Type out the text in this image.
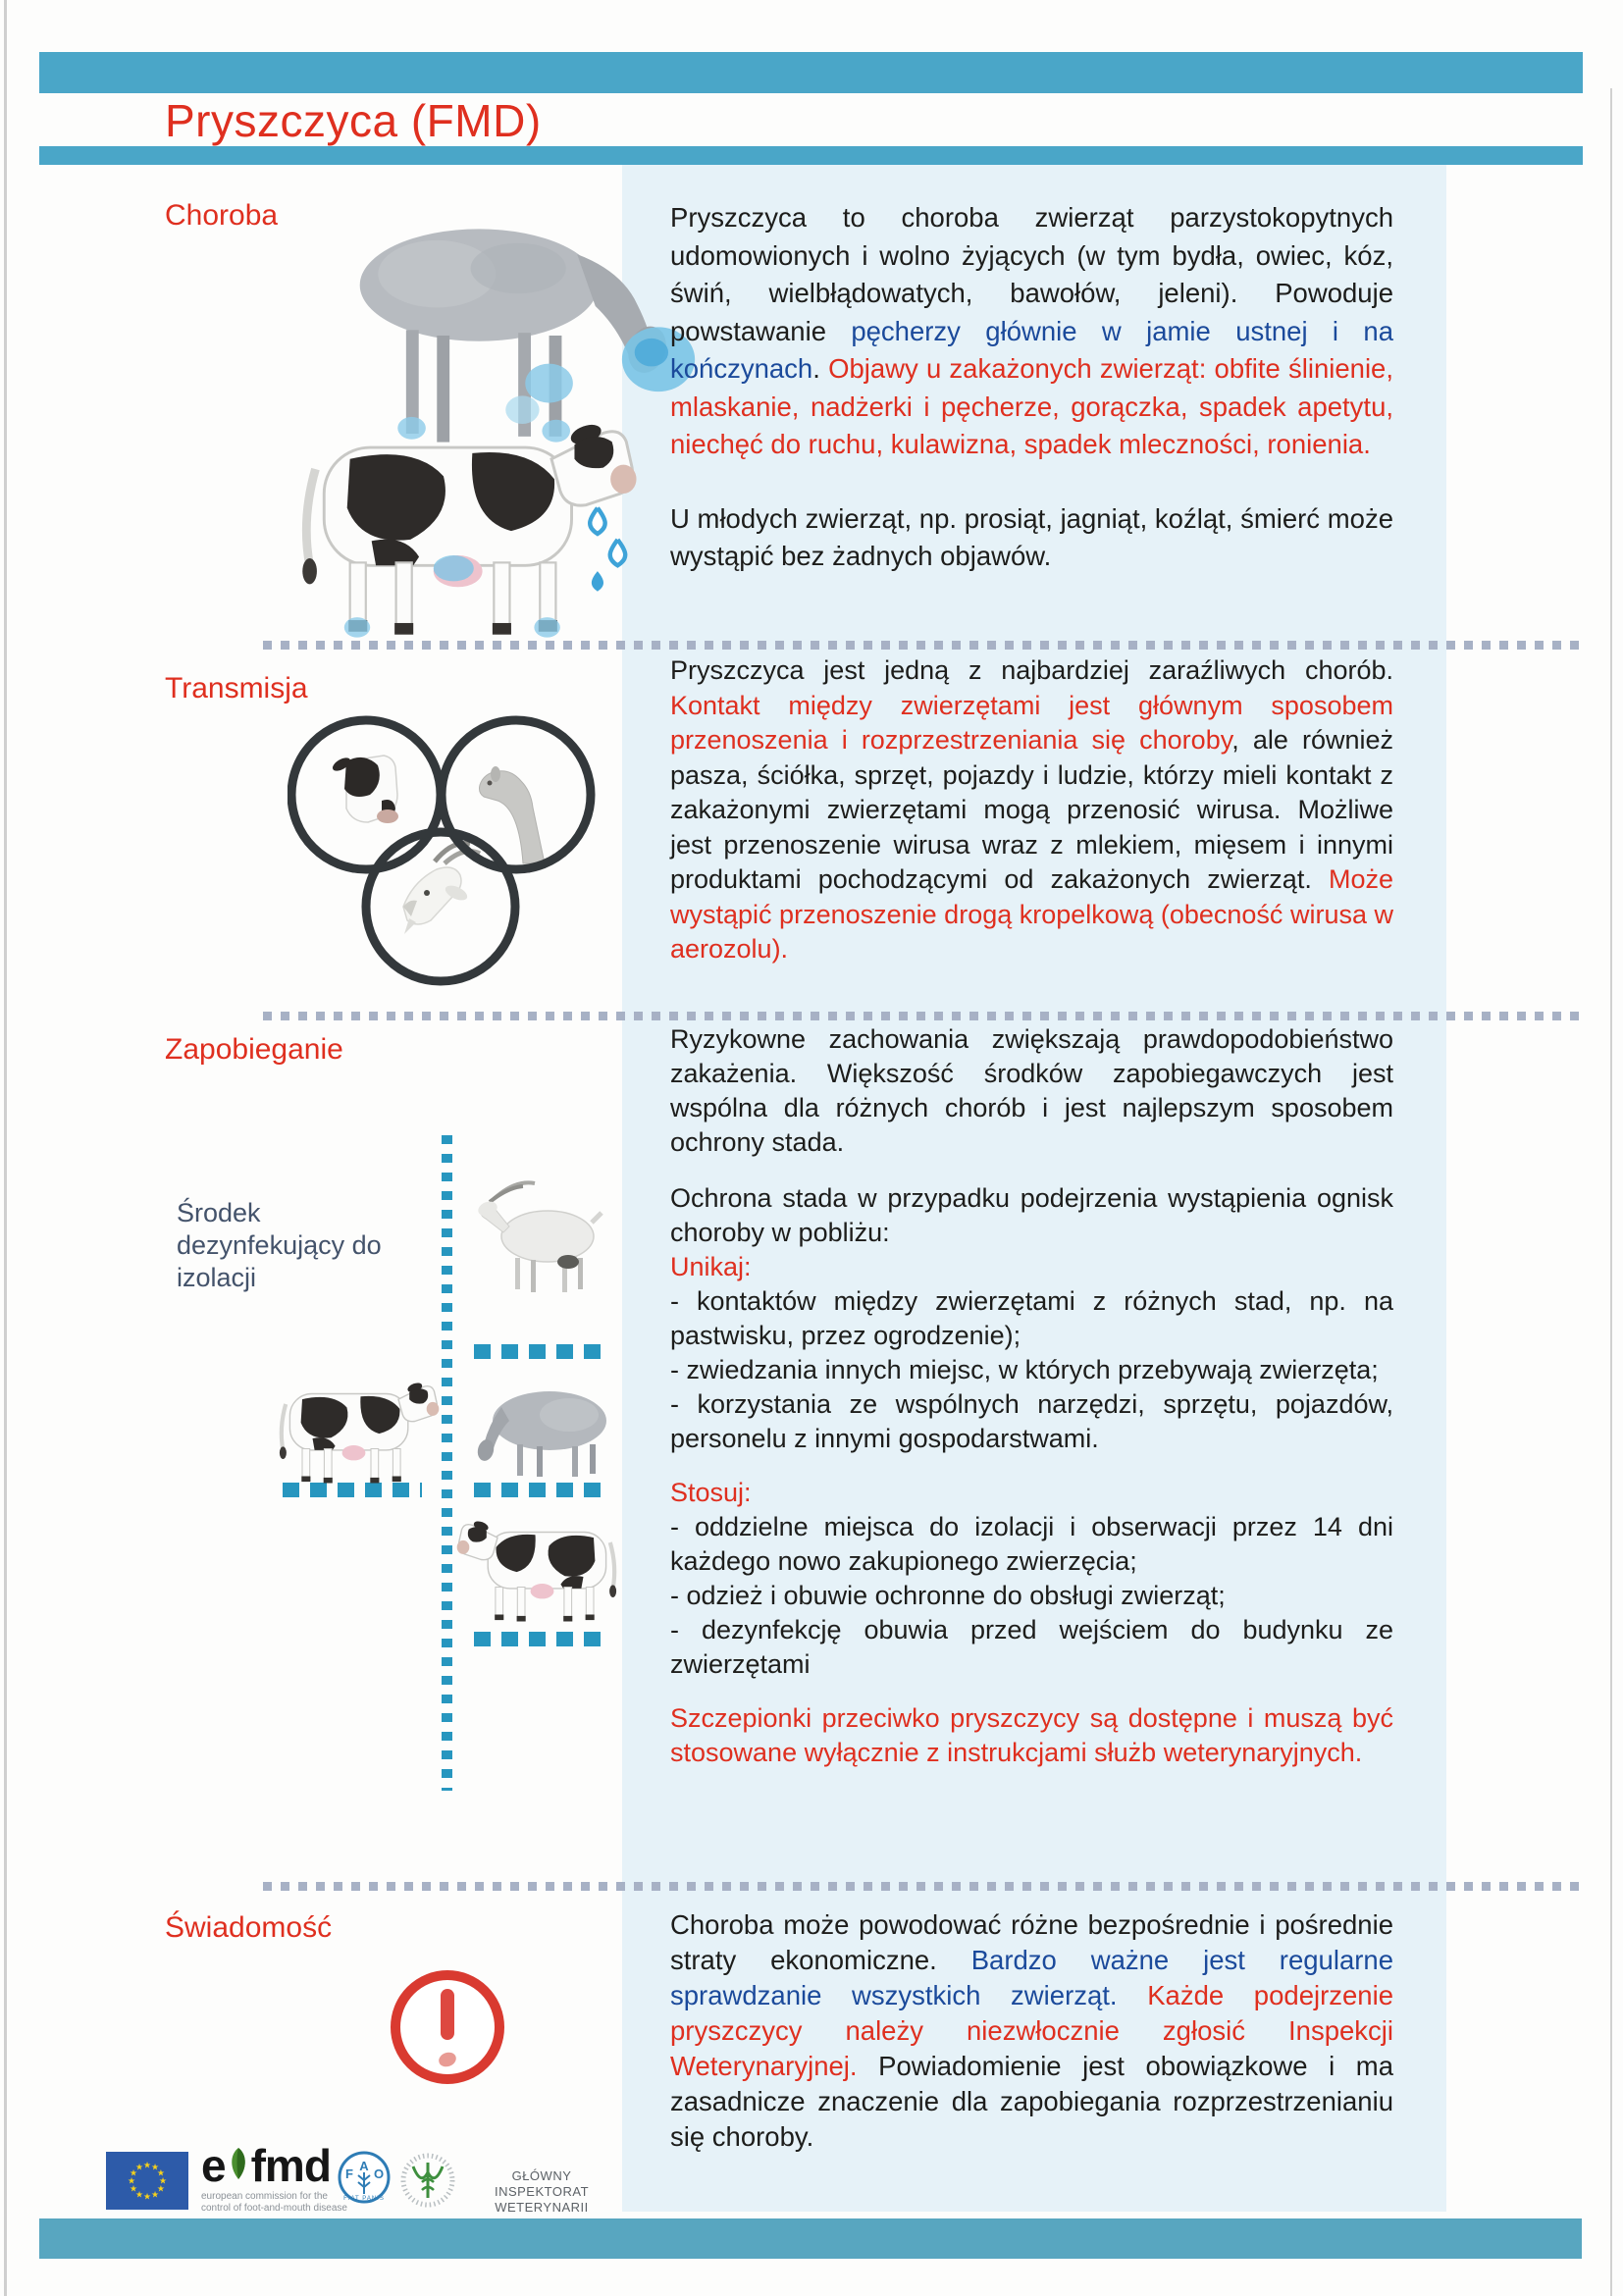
Pryszczyca (FMD)
Choroba
Transmisja
Zapobieganie
Świadomość
Środek dezynfekujący do izolacji

Pryszczyca to choroba zwierząt parzystokopytnych udomowionych i wolno żyjących (w tym bydła, owiec, kóz, świń, wielbłądowatych, bawołów, jeleni). Powoduje powstawanie pęcherzy głównie w jamie ustnej i na kończynach. Objawy u zakażonych zwierząt: obfite ślinienie, mlaskanie, nadżerki i pęcherze, gorączka, spadek apetytu, niechęć do ruchu, kulawizna, spadek mleczności, ronienia.

U młodych zwierząt, np. prosiąt, jagniąt, koźląt, śmierć może wystąpić bez żadnych objawów.

Pryszczyca jest jedną z najbardziej zaraźliwych chorób. Kontakt między zwierzętami jest głównym sposobem przenoszenia i rozprzestrzeniania się choroby, ale również pasza, ściółka, sprzęt, pojazdy i ludzie, którzy mieli kontakt z zakażonymi zwierzętami mogą przenosić wirusa. Możliwe jest przenoszenie wirusa wraz z mlekiem, mięsem i innymi produktami pochodzącymi od zakażonych zwierząt. Może wystąpić przenoszenie drogą kropelkową (obecność wirusa w aerozolu).

Ryzykowne zachowania zwiększają prawdopodobieństwo zakażenia. Większość środków zapobiegawczych jest wspólna dla różnych chorób i jest najlepszym sposobem ochrony stada.

Ochrona stada w przypadku podejrzenia wystąpienia ognisk choroby w pobliżu:

Unikaj:

- kontaktów między zwierzętami z różnych stad, np. na pastwisku, przez ogrodzenie);

- zwiedzania innych miejsc, w których przebywają zwierzęta;

- korzystania ze wspólnych narzędzi, sprzętu, pojazdów, personelu z innymi gospodarstwami.

Stosuj:

- oddzielne miejsca do izolacji i obserwacji przez 14 dni każdego nowo zakupionego zwierzęcia;

- odzież i obuwie ochronne do obsługi zwierząt;

- dezynfekcję obuwia przed wejściem do budynku ze zwierzętami

Szczepionki przeciwko pryszczycy są dostępne i muszą być stosowane wyłącznie z instrukcjami służb weterynaryjnych.

Choroba może powodować różne bezpośrednie i pośrednie straty ekonomiczne. Bardzo ważne jest regularne sprawdzanie wszystkich zwierząt. Każde podejrzenie pryszczycy należy niezwłocznie zgłosić Inspekcji Weterynaryjnej. Powiadomienie jest obowiązkowe i ma zasadnicze znaczenie dla zapobiegania rozprzestrzenianiu się choroby.

★ ★
★
★
★
★
★
★
★
★
★
★ e fmd
european commission for the
control of foot-and-mouth disease
F
A
O
FIAT PANIS
GŁÓWNY INSPEKTORAT
WETERYNARII
